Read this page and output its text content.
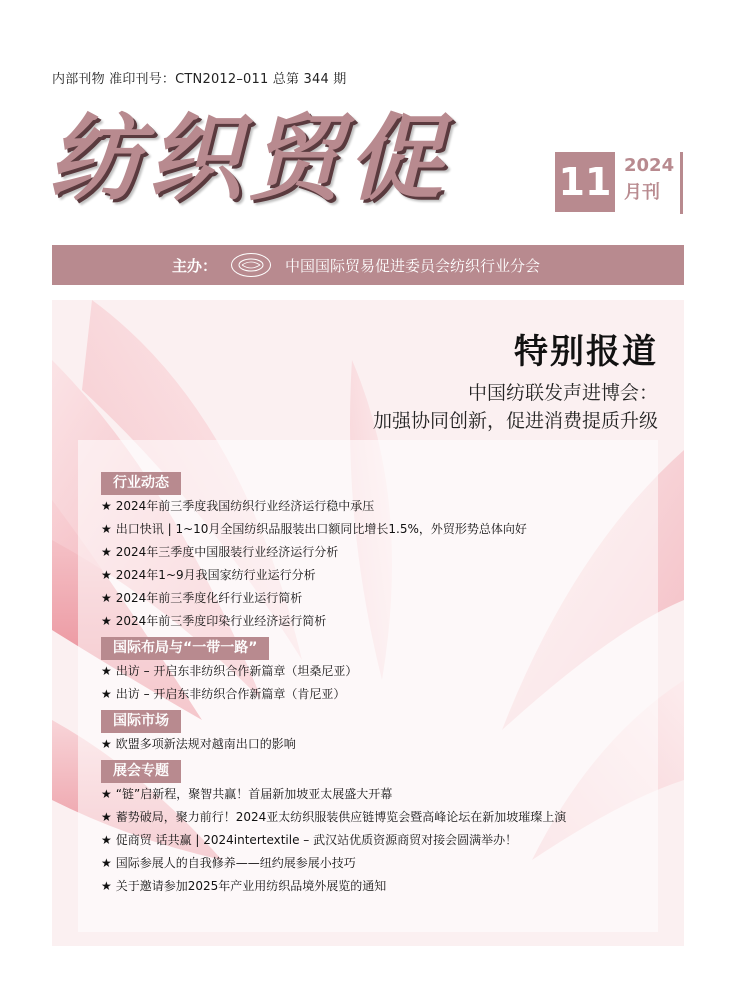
内部刊物 准印刊号：CTN2012–011 总第 344 期
纺织贸促	11 2024
月刊
主办：	中国国际贸易促进委员会纺织行业分会
特别报道
中国纺联发声进博会：
加强协同创新，促进消费提质升级
行业动态
★ 2024年前三季度我国纺织行业经济运行稳中承压
★ 出口快讯 | 1~10月全国纺织品服装出口额同比增长1.5%，外贸形势总体向好
★ 2024年三季度中国服装行业经济运行分析
★ 2024年1~9月我国家纺行业运行分析
★ 2024年前三季度化纤行业运行简析
★ 2024年前三季度印染行业经济运行简析
国际布局与“一带一路”
★ 出访 – 开启东非纺织合作新篇章（坦桑尼亚）
★ 出访 – 开启东非纺织合作新篇章（肯尼亚）
国际市场
★ 欧盟多项新法规对越南出口的影响
展会专题
★ “链”启新程，聚智共赢！首届新加坡亚太展盛大开幕
★ 蓄势破局，聚力前行！2024亚太纺织服装供应链博览会暨高峰论坛在新加坡璀璨上演
★ 促商贸 话共赢 | 2024intertextile – 武汉站优质资源商贸对接会圆满举办！
★ 国际参展人的自我修养——纽约展参展小技巧
★ 关于邀请参加2025年产业用纺织品境外展览的通知
